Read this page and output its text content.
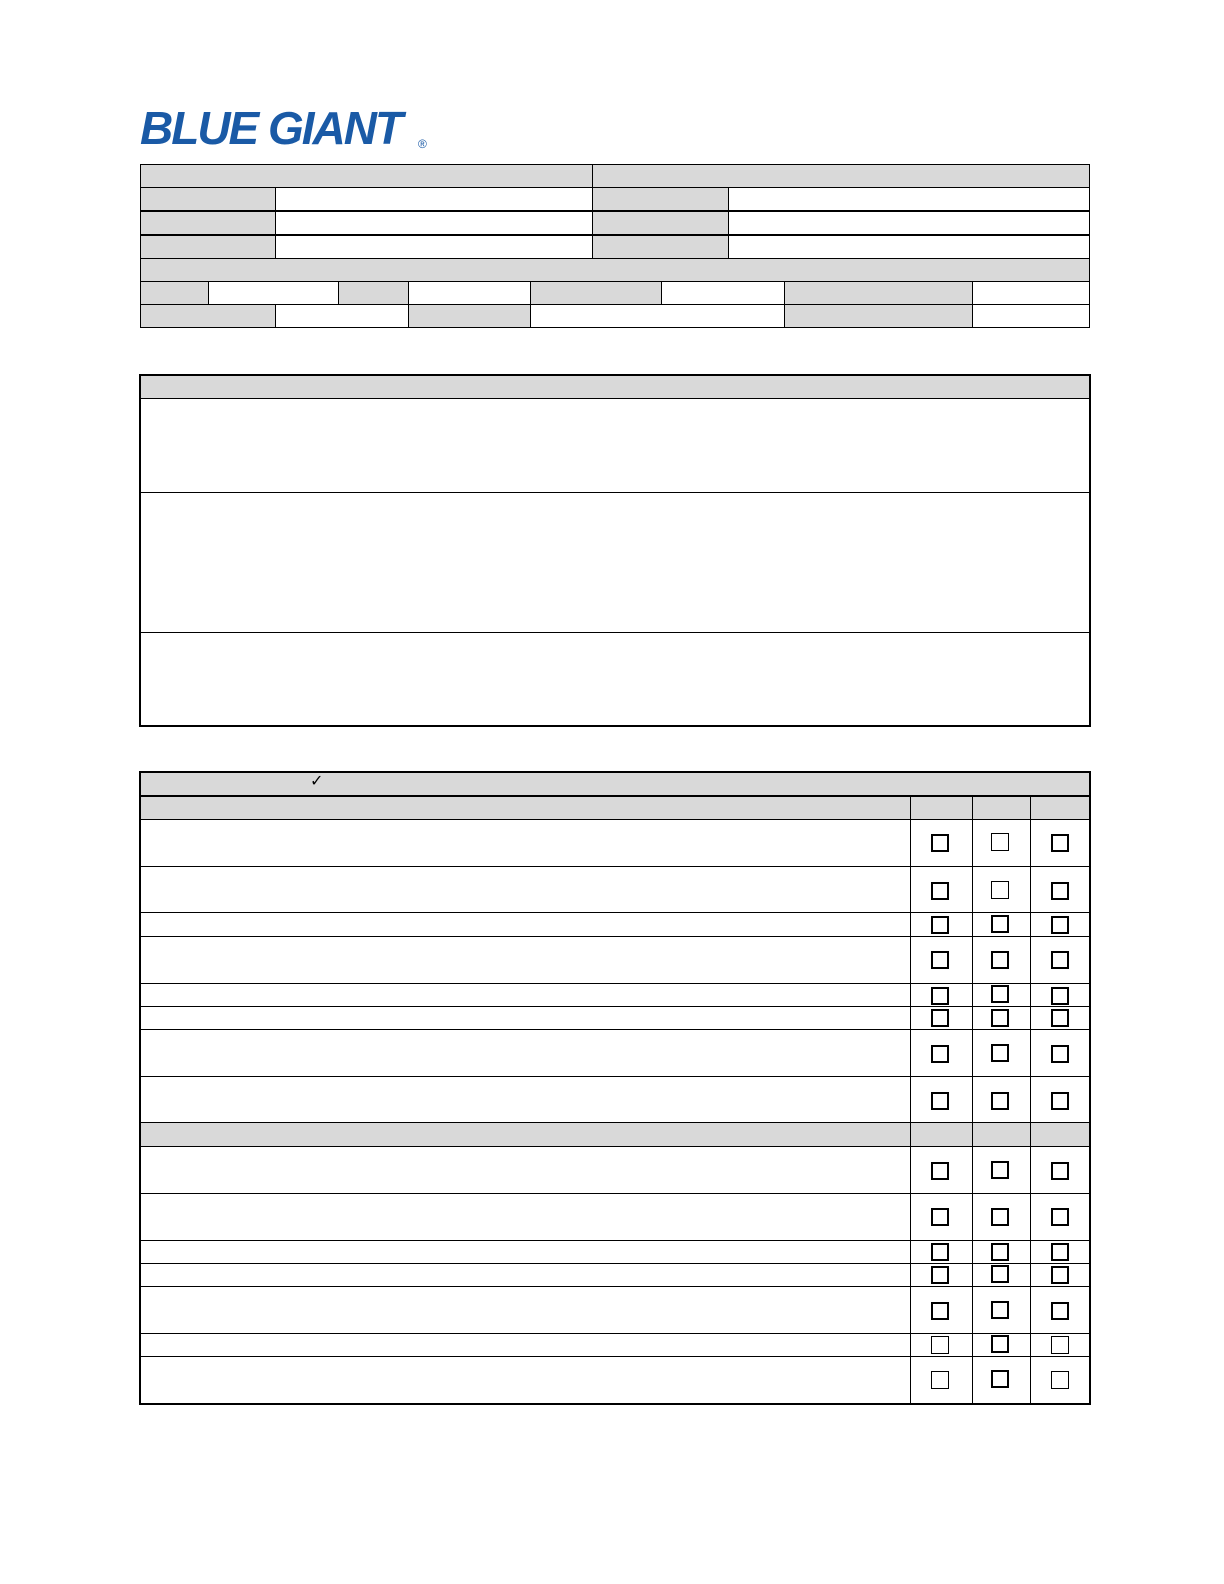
BLUE GIANT	®
✓
